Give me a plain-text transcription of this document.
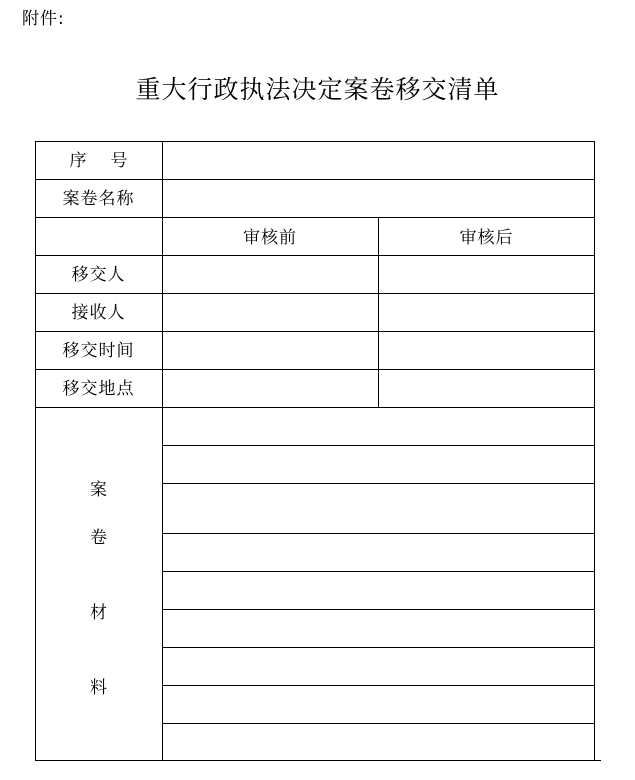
附件:
重大行政执法决定案卷移交清单
序号
案卷名称
审核前	审核后
移交人
接收人
移交时间
移交地点
案
卷
材
料
